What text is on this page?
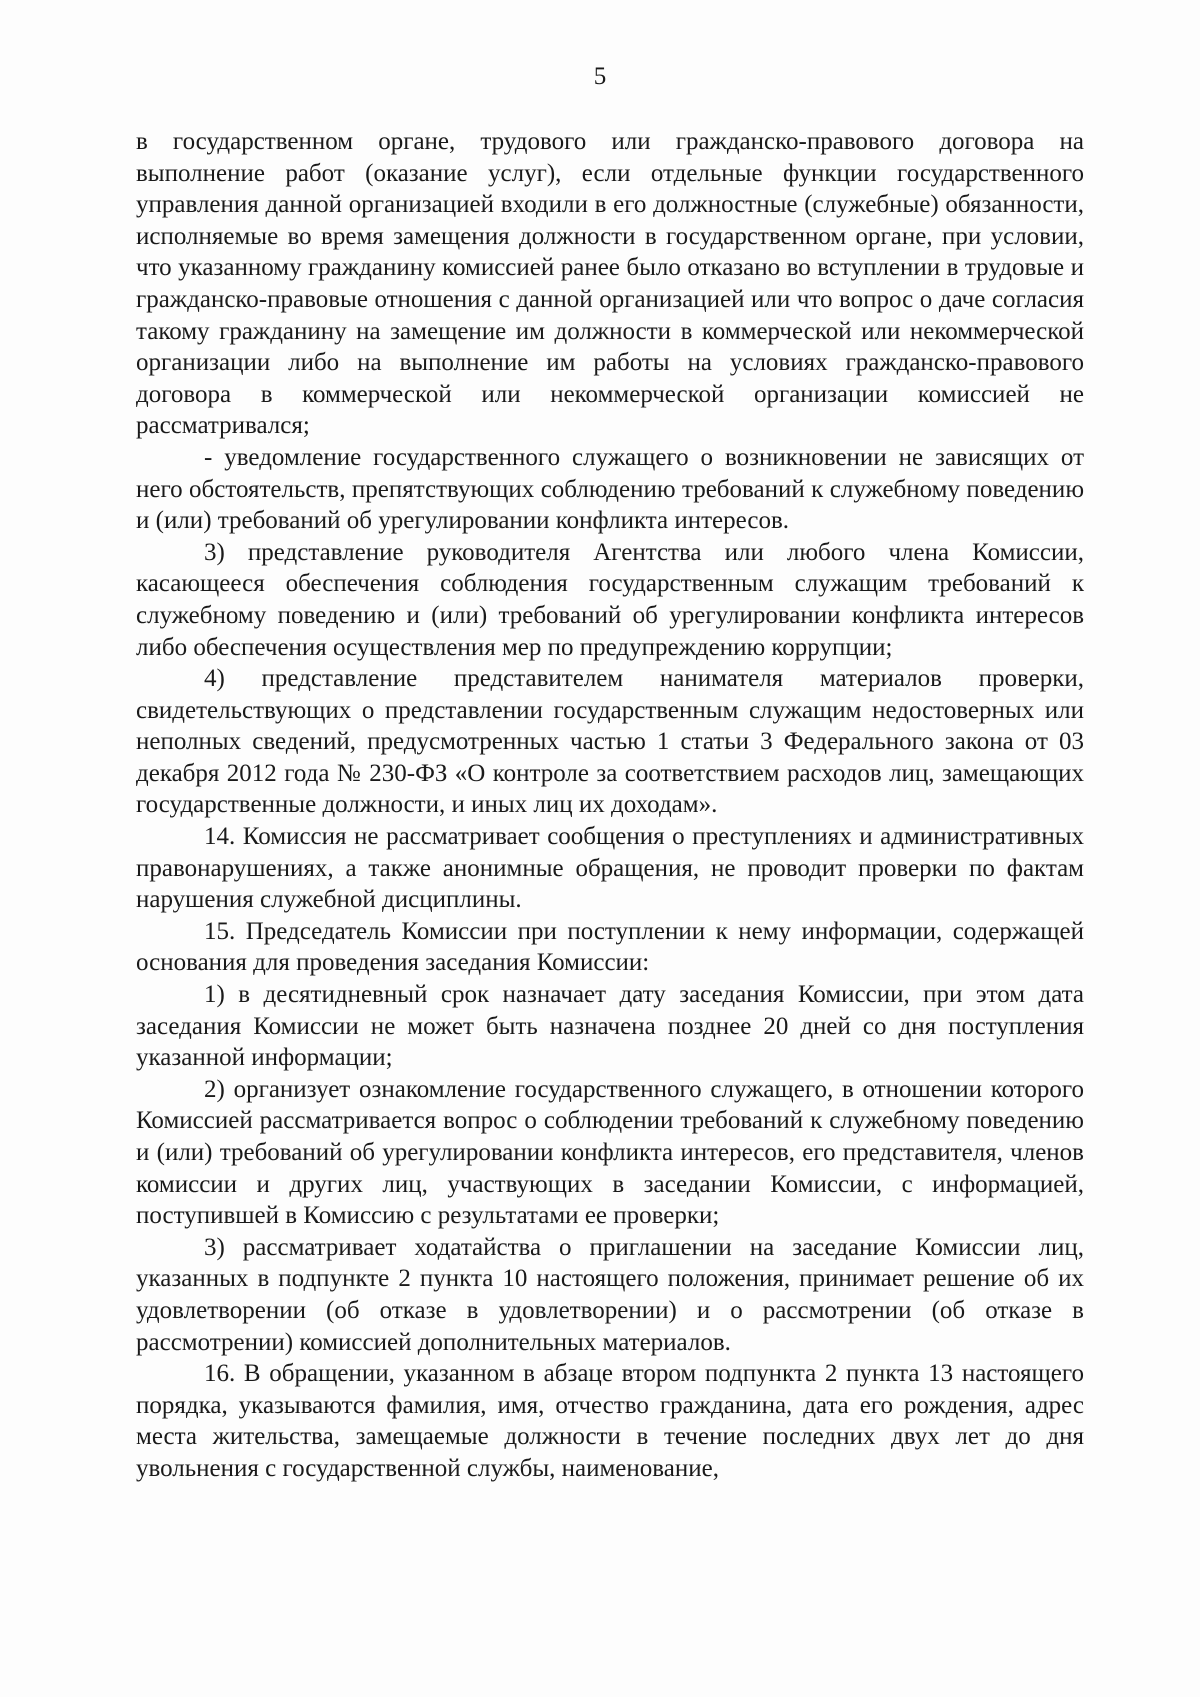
5

в государственном органе, трудового или гражданско-правового договора на выполнение работ (оказание услуг), если отдельные функции государственного управления данной организацией входили в его должностные (служебные) обязанности, исполняемые во время замещения должности в государственном органе, при условии, что указанному гражданину комиссией ранее было отказано во вступлении в трудовые и гражданско-правовые отношения с данной организацией или что вопрос о даче согласия такому гражданину на замещение им должности в коммерческой или некоммерческой организации либо на выполнение им работы на условиях гражданско-правового договора в коммерческой или некоммерческой организации комиссией не рассматривался;

- уведомление государственного служащего о возникновении не зависящих от него обстоятельств, препятствующих соблюдению требований к служебному поведению и (или) требований об урегулировании конфликта интересов.

3) представление руководителя Агентства или любого члена Комиссии, касающееся обеспечения соблюдения государственным служащим требований к служебному поведению и (или) требований об урегулировании конфликта интересов либо обеспечения осуществления мер по предупреждению коррупции;

4) представление представителем нанимателя материалов проверки, свидетельствующих о представлении государственным служащим недостоверных или неполных сведений, предусмотренных частью 1 статьи 3 Федерального закона от 03 декабря 2012 года № 230-ФЗ «О контроле за соответствием расходов лиц, замещающих государственные должности, и иных лиц их доходам».

14. Комиссия не рассматривает сообщения о преступлениях и административных правонарушениях, а также анонимные обращения, не проводит проверки по фактам нарушения служебной дисциплины.

15. Председатель Комиссии при поступлении к нему информации, содержащей основания для проведения заседания Комиссии:

1) в десятидневный срок назначает дату заседания Комиссии, при этом дата заседания Комиссии не может быть назначена позднее 20 дней со дня поступления указанной информации;

2) организует ознакомление государственного служащего, в отношении которого Комиссией рассматривается вопрос о соблюдении требований к служебному поведению и (или) требований об урегулировании конфликта интересов, его представителя, членов комиссии и других лиц, участвующих в заседании Комиссии, с информацией, поступившей в Комиссию с результатами ее проверки;

3) рассматривает ходатайства о приглашении на заседание Комиссии лиц, указанных в подпункте 2 пункта 10 настоящего положения, принимает решение об их удовлетворении (об отказе в удовлетворении) и о рассмотрении (об отказе в рассмотрении) комиссией дополнительных материалов.

16. В обращении, указанном в абзаце втором подпункта 2 пункта 13 настоящего порядка, указываются фамилия, имя, отчество гражданина, дата его рождения, адрес места жительства, замещаемые должности в течение последних двух лет до дня увольнения с государственной службы, наименование,
